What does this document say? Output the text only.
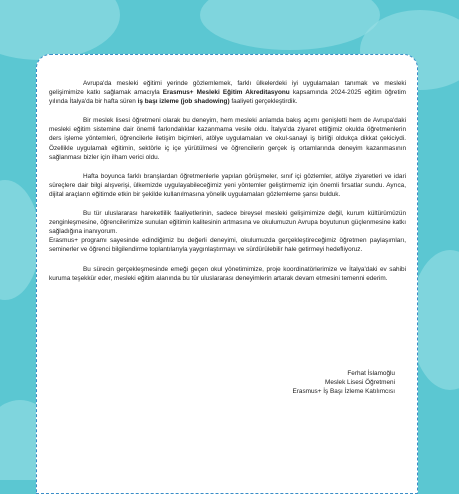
Avrupa'da mesleki eğitimi yerinde gözlemlemek, farklı ülkelerdeki iyi uygulamaları tanımak ve mesleki gelişimimize katkı sağlamak amacıyla Erasmus+ Mesleki Eğitim Akreditasyonu kapsamında 2024-2025 eğitim öğretim yılında İtalya'da bir hafta süren iş başı izleme (job shadowing) faaliyeti gerçekleştirdik.

Bir meslek lisesi öğretmeni olarak bu deneyim, hem mesleki anlamda bakış açımı genişletti hem de Avrupa'daki mesleki eğitim sistemine dair önemli farkındalıklar kazanmama vesile oldu. İtalya'da ziyaret ettiğimiz okulda öğretmenlerin ders işleme yöntemleri, öğrencilerle iletişim biçimleri, atölye uygulamaları ve okul-sanayi iş birliği oldukça dikkat çekiciydi. Özellikle uygulamalı eğitimin, sektörle iç içe yürütülmesi ve öğrencilerin gerçek iş ortamlarında deneyim kazanmasının sağlanması bizler için ilham verici oldu.

Hafta boyunca farklı branşlardan öğretmenlerle yapılan görüşmeler, sınıf içi gözlemler, atölye ziyaretleri ve idari süreçlere dair bilgi alışverişi, ülkemizde uygulayabileceğimiz yeni yöntemler geliştirmemiz için önemli fırsatlar sundu. Ayrıca, dijital araçların eğitimde etkin bir şekilde kullanılmasına yönelik uygulamaları gözlemleme şansı bulduk.

Bu tür uluslararası hareketlilik faaliyetlerinin, sadece bireysel mesleki gelişimimize değil, kurum kültürümüzün zenginleşmesine, öğrencilerimize sunulan eğitimin kalitesinin artmasına ve okulumuzun Avrupa boyutunun güçlenmesine katkı sağladığına inanıyorum.

Erasmus+ programı sayesinde edindiğimiz bu değerli deneyimi, okulumuzda gerçekleştireceğimiz öğretmen paylaşımları, seminerler ve öğrenci bilgilendirme toplantılarıyla yaygınlaştırmayı ve sürdürülebilir hale getirmeyi hedefliyoruz.

Bu sürecin gerçekleşmesinde emeği geçen okul yönetimimize, proje koordinatörlerimize ve İtalya'daki ev sahibi kuruma teşekkür eder, mesleki eğitim alanında bu tür uluslararası deneyimlerin artarak devam etmesini temenni ederim.

Ferhat İslamoğlu
Meslek Lisesi Öğretmeni
Erasmus+ İş Başı İzleme Katılımcısı
